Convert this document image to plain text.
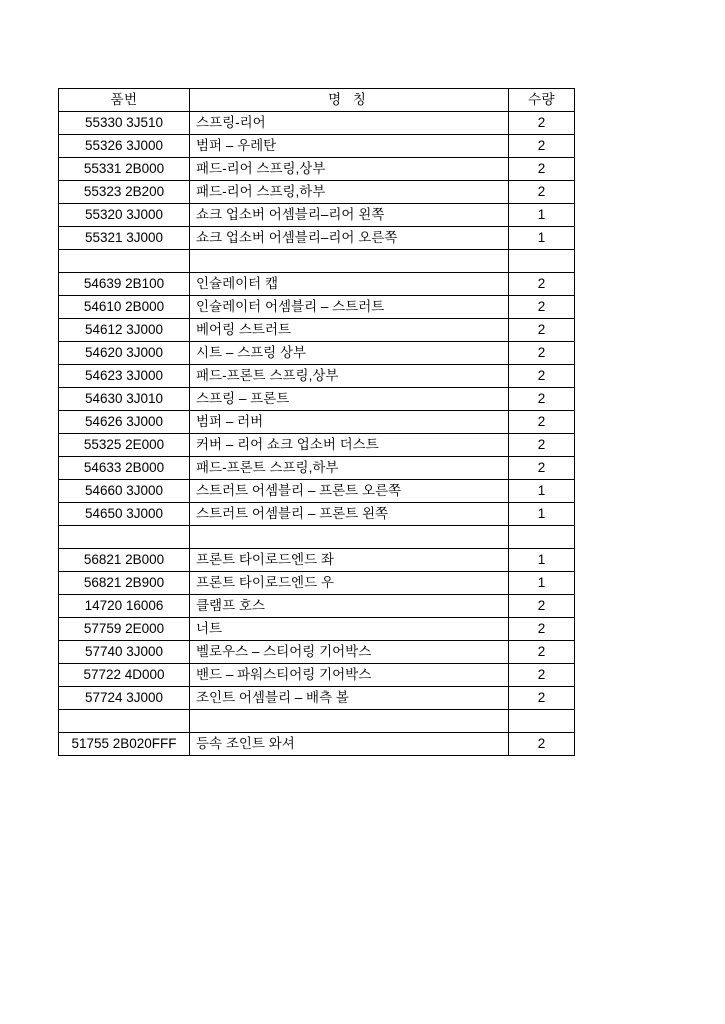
품번	명 칭	수량
55330 3J510	스프링-리어	2
55326 3J000	범퍼 – 우레탄	2
55331 2B000	패드-리어 스프링,상부	2
55323 2B200	패드-리어 스프링,하부	2
55320 3J000	쇼크 업소버 어셈블리–리어 왼쪽	1
55321 3J000	쇼크 업소버 어셈블리–리어 오른쪽	1

54639 2B100	인슐레이터 캡	2
54610 2B000	인슐레이터 어셈블리 – 스트러트	2
54612 3J000	베어링 스트러트	2
54620 3J000	시트 – 스프링 상부	2
54623 3J000	패드-프론트 스프링,상부	2
54630 3J010	스프링 – 프론트	2
54626 3J000	범퍼 – 러버	2
55325 2E000	커버 – 리어 쇼크 업소버 더스트	2
54633 2B000	패드-프론트 스프링,하부	2
54660 3J000	스트러트 어셈블리 – 프론트 오른쪽	1
54650 3J000	스트러트 어셈블리 – 프론트 왼쪽	1

56821 2B000	프론트 타이로드엔드 좌	1
56821 2B900	프론트 타이로드엔드 우	1
14720 16006	클램프 호스	2
57759 2E000	너트	2
57740 3J000	벨로우스 – 스티어링 기어박스	2
57722 4D000	밴드 – 파워스티어링 기어박스	2
57724 3J000	조인트 어셈블리 – 배측 볼	2

51755 2B020FFF	등속 조인트 와셔	2
